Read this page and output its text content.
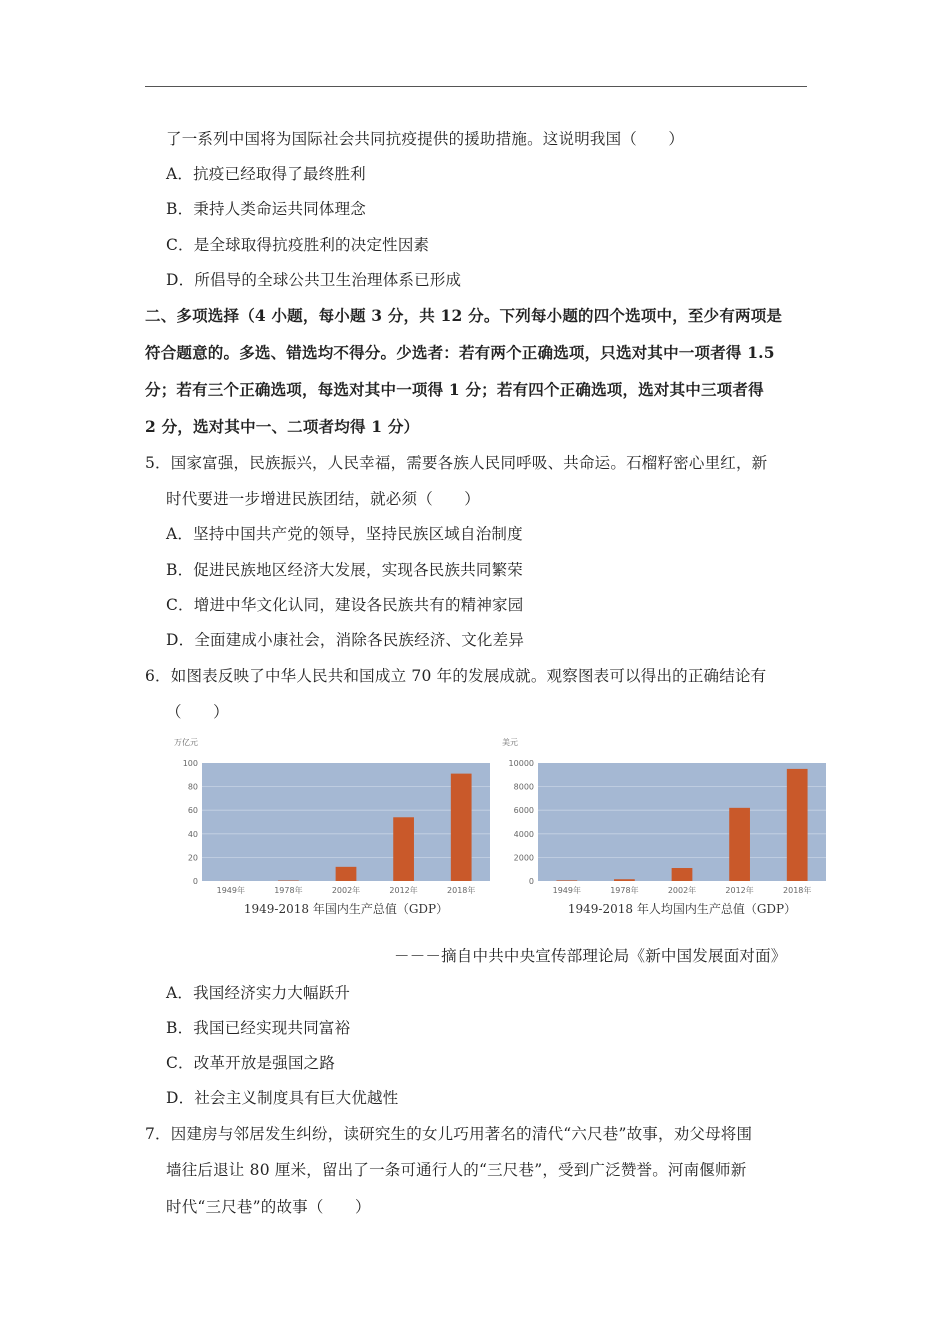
了一系列中国将为国际社会共同抗疫提供的援助措施。这说明我国（　　）
A．抗疫已经取得了最终胜利
B．秉持人类命运共同体理念
C．是全球取得抗疫胜利的决定性因素
D．所倡导的全球公共卫生治理体系已形成
二、多项选择（4 小题，每小题 3 分，共 12 分。下列每小题的四个选项中，至少有两项是
符合题意的。多选、错选均不得分。少选者：若有两个正确选项，只选对其中一项者得 1.5
分；若有三个正确选项，每选对其中一项得 1 分；若有四个正确选项，选对其中三项者得
2 分，选对其中一、二项者均得 1 分）
5．国家富强，民族振兴，人民幸福，需要各族人民同呼吸、共命运。石榴籽密心里红，新
时代要进一步增进民族团结，就必须（　　）
A．坚持中国共产党的领导，坚持民族区域自治制度
B．促进民族地区经济大发展，实现各民族共同繁荣
C．增进中华文化认同，建设各民族共有的精神家园
D．全面建成小康社会，消除各民族经济、文化差异
6．如图表反映了中华人民共和国成立 70 年的发展成就。观察图表可以得出的正确结论有
（　　）
万亿元
0
20
40
60
80
100
1949年	1978年	2002年	2012年	2018年
1949-2018 年国内生产总值（GDP）
美元
0
2000
4000
6000
8000
10000
1949年	1978年	2002年	2012年	2018年
1949-2018 年人均国内生产总值（GDP）
－－－摘自中共中央宣传部理论局《新中国发展面对面》
A．我国经济实力大幅跃升
B．我国已经实现共同富裕
C．改革开放是强国之路
D．社会主义制度具有巨大优越性
7．因建房与邻居发生纠纷，读研究生的女儿巧用著名的清代“六尺巷”故事，劝父母将围
墙往后退让 80 厘米，留出了一条可通行人的“三尺巷”，受到广泛赞誉。河南偃师新
时代“三尺巷”的故事（　　）
